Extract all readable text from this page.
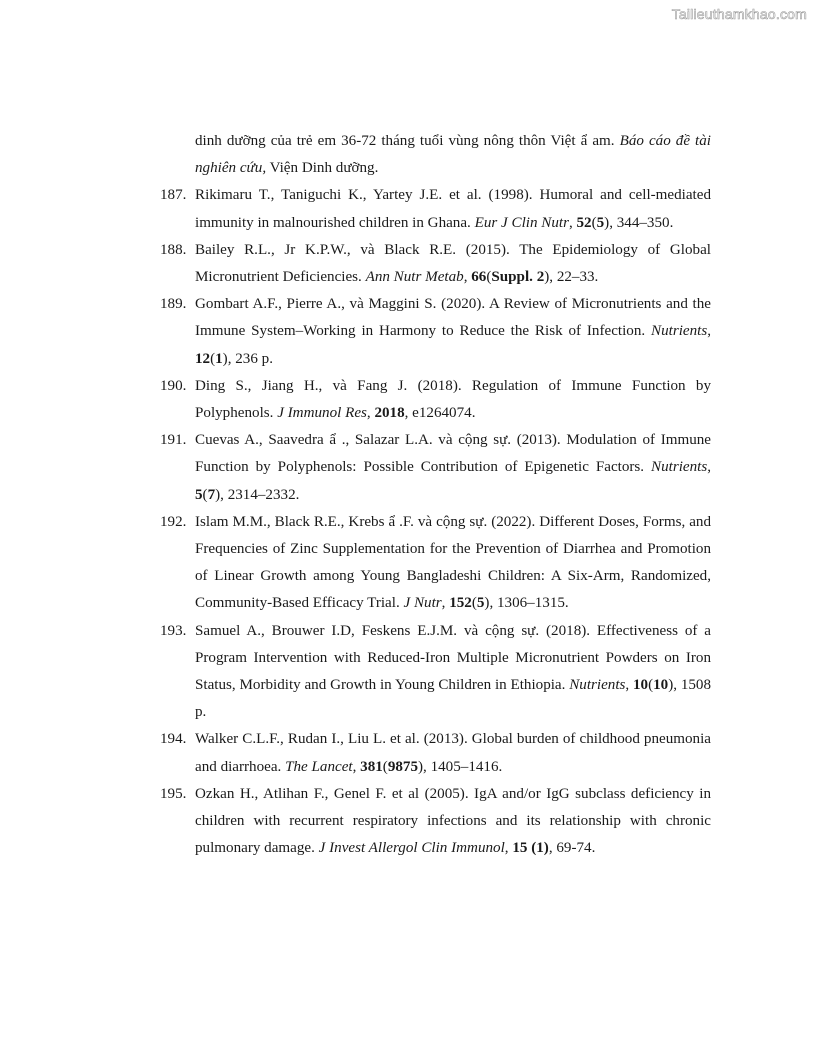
Tailieuthamkhao.com
dinh dưỡng của trẻ em 36-72 tháng tuổi vùng nông thôn Việt ẩ am. Báo cáo đề tài nghiên cứu, Viện Dinh dưỡng.
187. Rikimaru T., Taniguchi K., Yartey J.E. et al. (1998). Humoral and cell-mediated immunity in malnourished children in Ghana. Eur J Clin Nutr, 52(5), 344–350.
188. Bailey R.L., Jr K.P.W., và Black R.E. (2015). The Epidemiology of Global Micronutrient Deficiencies. Ann Nutr Metab, 66(Suppl. 2), 22–33.
189. Gombart A.F., Pierre A., và Maggini S. (2020). A Review of Micronutrients and the Immune System–Working in Harmony to Reduce the Risk of Infection. Nutrients, 12(1), 236 p.
190. Ding S., Jiang H., và Fang J. (2018). Regulation of Immune Function by Polyphenols. J Immunol Res, 2018, e1264074.
191. Cuevas A., Saavedra ẩ ., Salazar L.A. và cộng sự. (2013). Modulation of Immune Function by Polyphenols: Possible Contribution of Epigenetic Factors. Nutrients, 5(7), 2314–2332.
192. Islam M.M., Black R.E., Krebs ẩ .F. và cộng sự. (2022). Different Doses, Forms, and Frequencies of Zinc Supplementation for the Prevention of Diarrhea and Promotion of Linear Growth among Young Bangladeshi Children: A Six-Arm, Randomized, Community-Based Efficacy Trial. J Nutr, 152(5), 1306–1315.
193. Samuel A., Brouwer I.D, Feskens E.J.M. và cộng sự. (2018). Effectiveness of a Program Intervention with Reduced-Iron Multiple Micronutrient Powders on Iron Status, Morbidity and Growth in Young Children in Ethiopia. Nutrients, 10(10), 1508 p.
194. Walker C.L.F., Rudan I., Liu L. et al. (2013). Global burden of childhood pneumonia and diarrhoea. The Lancet, 381(9875), 1405–1416.
195. Ozkan H., Atlihan F., Genel F. et al (2005). IgA and/or IgG subclass deficiency in children with recurrent respiratory infections and its relationship with chronic pulmonary damage. J Invest Allergol Clin Immunol, 15 (1), 69-74.
